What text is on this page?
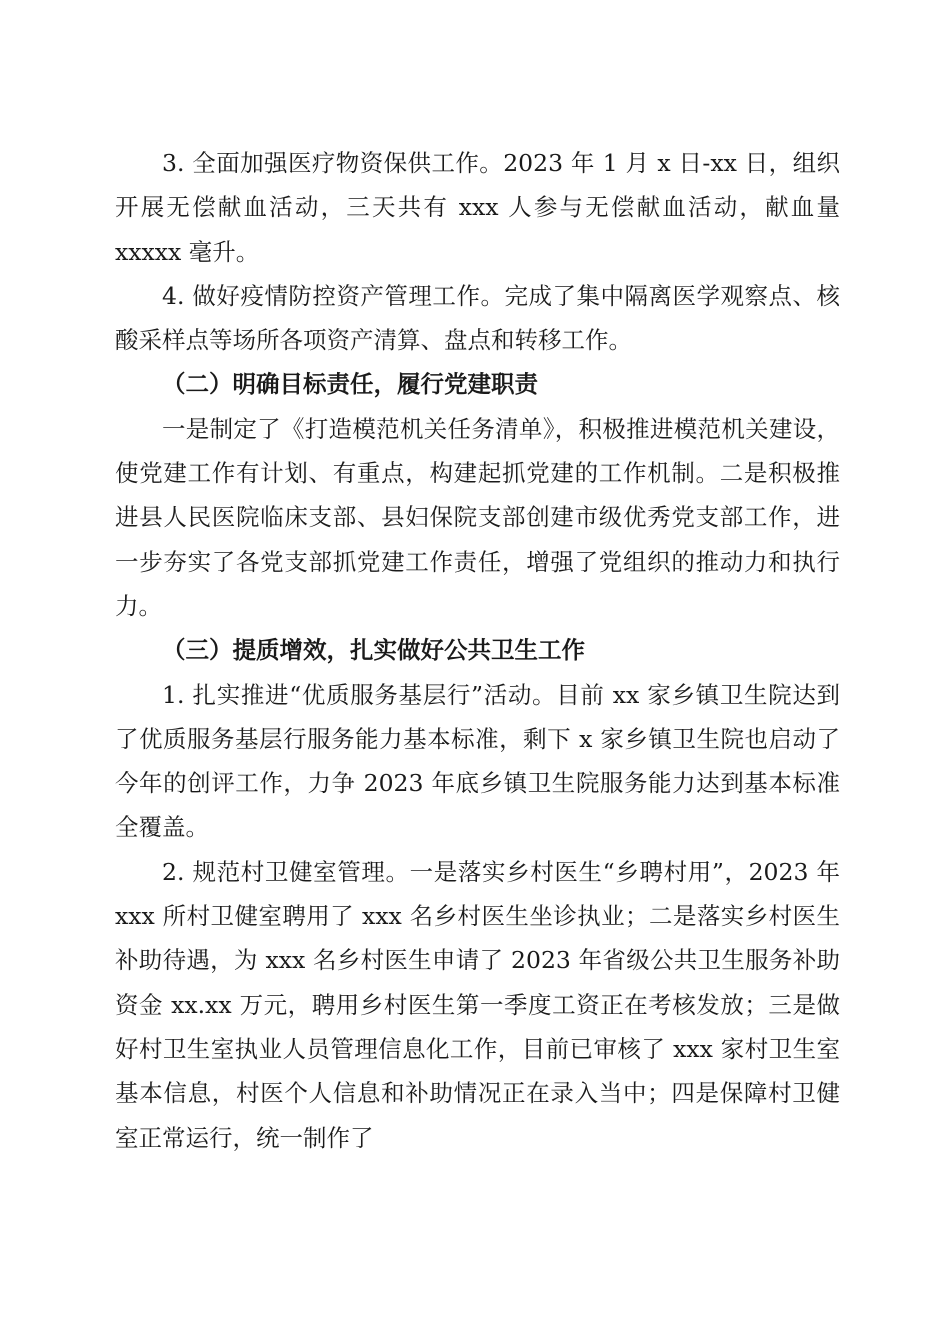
3. 全面加强医疗物资保供工作。2023 年 1 月 x 日-xx 日，组织开展无偿献血活动，三天共有 xxx 人参与无偿献血活动，献血量 xxxxx 毫升。

4. 做好疫情防控资产管理工作。完成了集中隔离医学观察点、核酸采样点等场所各项资产清算、盘点和转移工作。

（二）明确目标责任，履行党建职责

一是制定了《打造模范机关任务清单》，积极推进模范机关建设，使党建工作有计划、有重点，构建起抓党建的工作机制。二是积极推进县人民医院临床支部、县妇保院支部创建市级优秀党支部工作，进一步夯实了各党支部抓党建工作责任，增强了党组织的推动力和执行力。

（三）提质增效，扎实做好公共卫生工作

1. 扎实推进“优质服务基层行”活动。目前 xx 家乡镇卫生院达到了优质服务基层行服务能力基本标准，剩下 x 家乡镇卫生院也启动了今年的创评工作，力争 2023 年底乡镇卫生院服务能力达到基本标准全覆盖。

2. 规范村卫健室管理。一是落实乡村医生“乡聘村用”，2023 年 xxx 所村卫健室聘用了 xxx 名乡村医生坐诊执业；二是落实乡村医生补助待遇，为 xxx 名乡村医生申请了 2023 年省级公共卫生服务补助资金 xx.xx 万元，聘用乡村医生第一季度工资正在考核发放；三是做好村卫生室执业人员管理信息化工作，目前已审核了 xxx 家村卫生室基本信息，村医个人信息和补助情况正在录入当中；四是保障村卫健室正常运行，统一制作了
